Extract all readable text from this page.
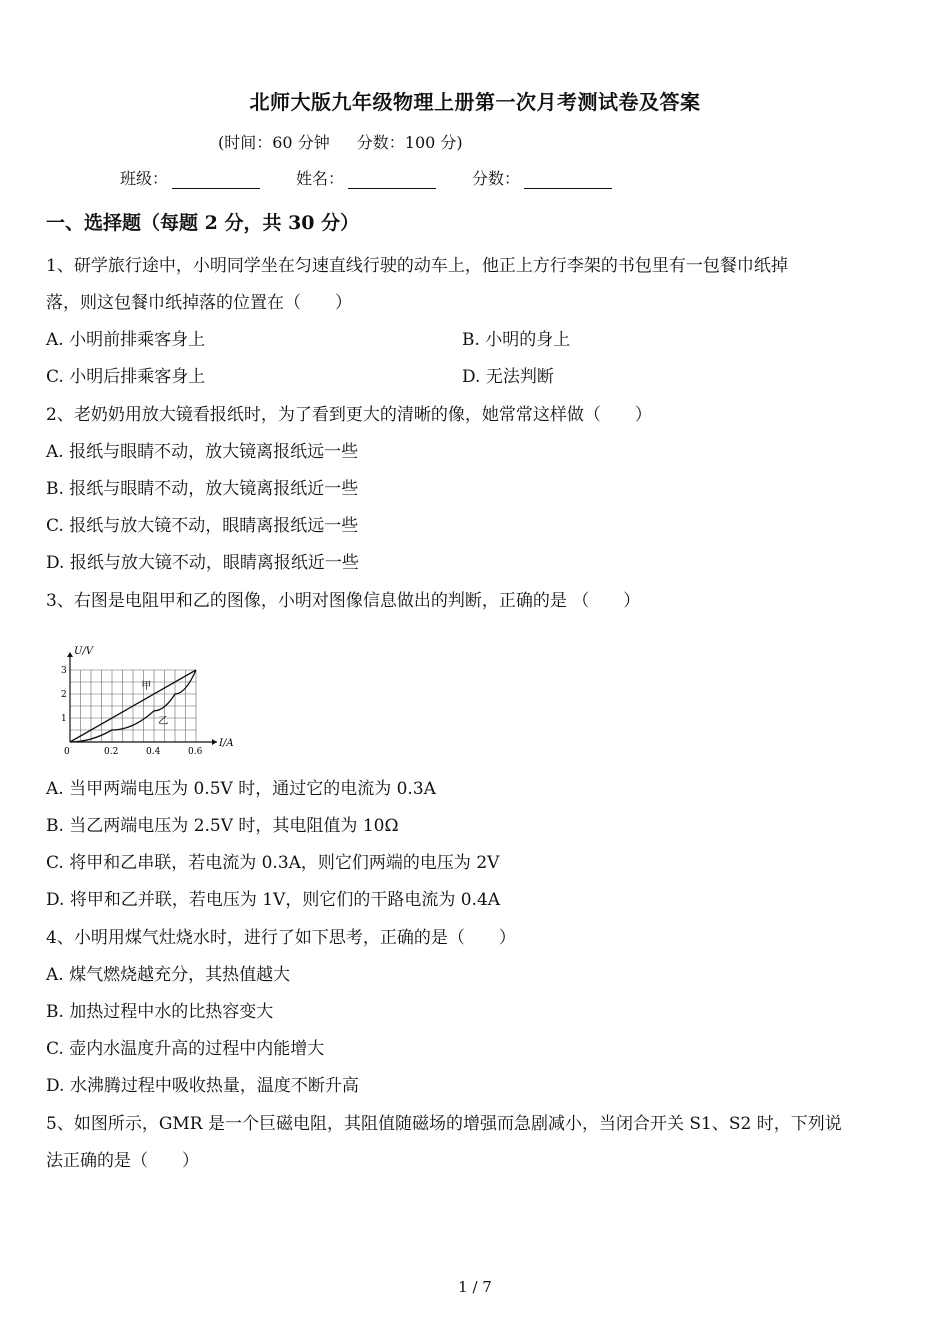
北师大版九年级物理上册第一次月考测试卷及答案
(时间：60 分钟 分数：100 分)
班级：	姓名：	分数：
一、选择题（每题 2 分，共 30 分）
1、研学旅行途中，小明同学坐在匀速直线行驶的动车上，他正上方行李架的书包里有一包餐巾纸掉
落，则这包餐巾纸掉落的位置在（　　）
A. 小明前排乘客身上	B. 小明的身上
C. 小明后排乘客身上	D. 无法判断
2、老奶奶用放大镜看报纸时，为了看到更大的清晰的像，她常常这样做（　　）
A. 报纸与眼睛不动，放大镜离报纸远一些
B. 报纸与眼睛不动，放大镜离报纸近一些
C. 报纸与放大镜不动，眼睛离报纸远一些
D. 报纸与放大镜不动，眼睛离报纸近一些
3、右图是电阻甲和乙的图像，小明对图像信息做出的判断，正确的是 （　　）
I/A
U/V
0	0.2	0.4	0.6
1
2
3
甲
乙
A. 当甲两端电压为 0.5V 时，通过它的电流为 0.3A
B. 当乙两端电压为 2.5V 时，其电阻值为 10Ω
C. 将甲和乙串联，若电流为 0.3A，则它们两端的电压为 2V
D. 将甲和乙并联，若电压为 1V，则它们的干路电流为 0.4A
4、小明用煤气灶烧水时，进行了如下思考，正确的是（　　）
A. 煤气燃烧越充分，其热值越大
B. 加热过程中水的比热容变大
C. 壶内水温度升高的过程中内能增大
D. 水沸腾过程中吸收热量，温度不断升高
5、如图所示，GMR 是一个巨磁电阻，其阻值随磁场的增强而急剧减小，当闭合开关 S1、S2 时，下列说
法正确的是（　　）
1 / 7
